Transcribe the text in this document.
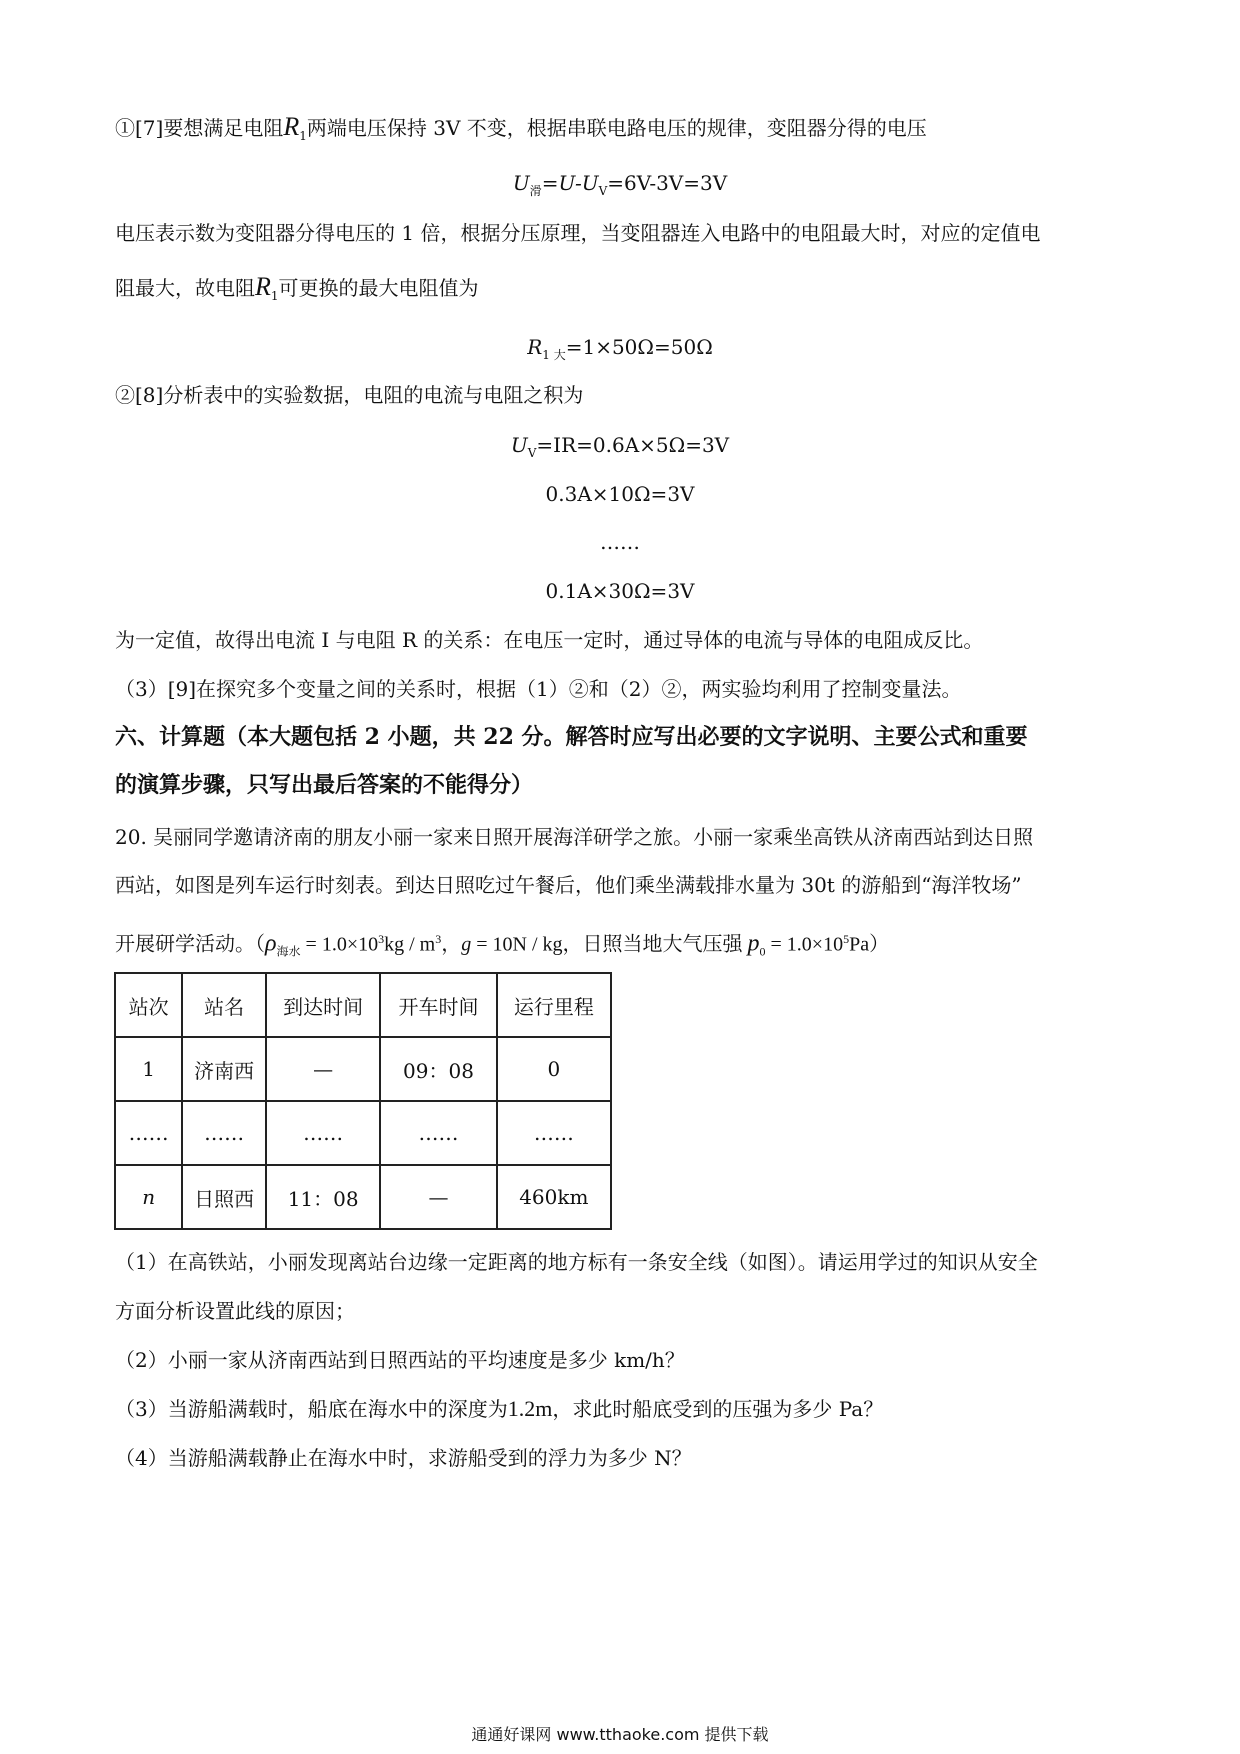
①[7]要想满足电阻$R_1$两端电压保持 3V 不变，根据串联电路电压的规律，变阻器分得的电压
$U_滑=U-U_V=6V-3V=3V$
电压表示数为变阻器分得电压的 1 倍，根据分压原理，当变阻器连入电路中的电阻最大时，对应的定值电
阻最大，故电阻$R_1$可更换的最大电阻值为
$R_{1 大}=1\times 50\Omega=50\Omega$
②[8]分析表中的实验数据，电阻的电流与电阻之积为
$U_V=IR=0.6A\times 5\Omega=3V$
0.3A×10Ω=3V
……
0.1A×30Ω=3V
为一定值，故得出电流 I 与电阻 R 的关系：在电压一定时，通过导体的电流与导体的电阻成反比。
（3）[9]在探究多个变量之间的关系时，根据（1）②和（2）②，两实验均利用了控制变量法。
六、计算题（本大题包括 2 小题，共 22 分。解答时应写出必要的文字说明、主要公式和重要
的演算步骤，只写出最后答案的不能得分）
20. 吴丽同学邀请济南的朋友小丽一家来日照开展海洋研学之旅。小丽一家乘坐高铁从济南西站到达日照
西站，如图是列车运行时刻表。到达日照吃过午餐后，他们乘坐满载排水量为 30t 的游船到“海洋牧场”
开展研学活动。（$\rho_{海水} = 1.0\times 10^3kg / m^3$，g = 10N / kg，日照当地大气压强 $p_0 = 1.0\times 10^5Pa$）
站次	站名	到达时间	开车时间	运行里程
1	济南西	—	09：08	0
……	……	……	……	……
n	日照西	11：08	—	460km
（1）在高铁站，小丽发现离站台边缘一定距离的地方标有一条安全线（如图）。请运用学过的知识从安全
方面分析设置此线的原因；
（2）小丽一家从济南西站到日照西站的平均速度是多少 km/h？
（3）当游船满载时，船底在海水中的深度为1.2m，求此时船底受到的压强为多少 Pa？
（4）当游船满载静止在海水中时，求游船受到的浮力为多少 N？
通通好课网 www.tthaoke.com 提供下载
